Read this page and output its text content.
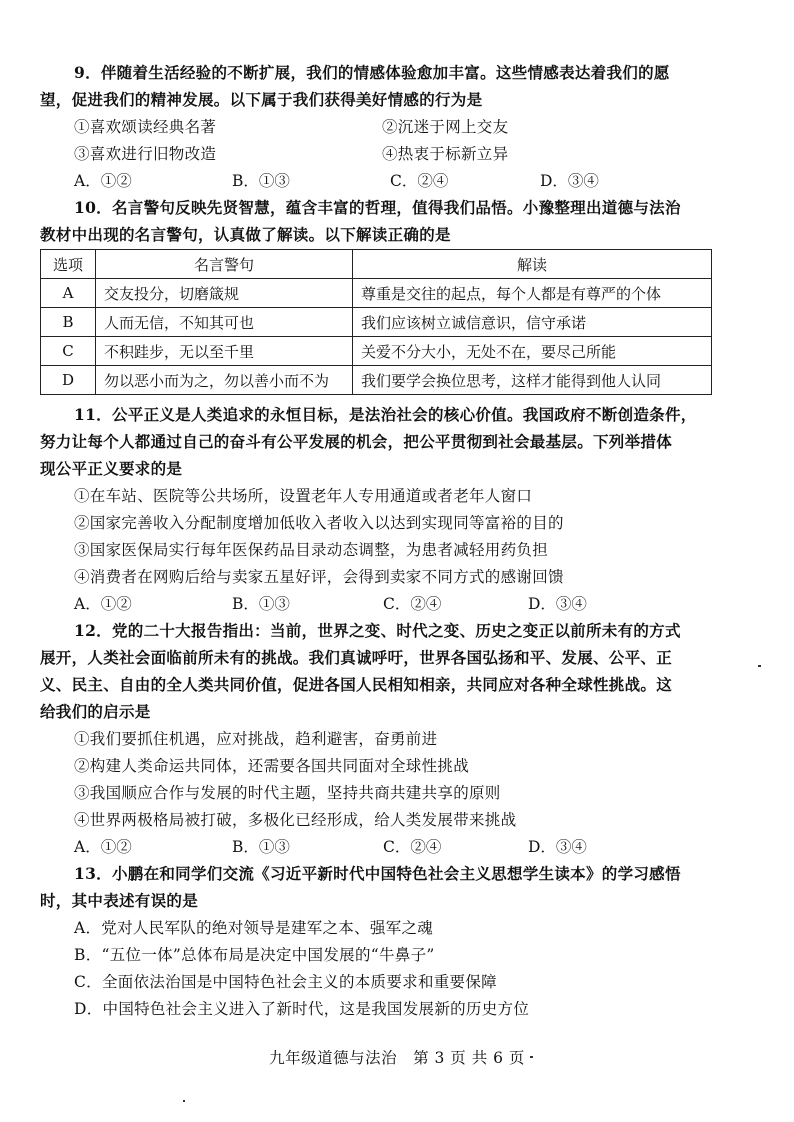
9．伴随着生活经验的不断扩展，我们的情感体验愈加丰富。这些情感表达着我们的愿
望，促进我们的精神发展。以下属于我们获得美好情感的行为是
①喜欢颂读经典名著	②沉迷于网上交友
③喜欢进行旧物改造	④热衷于标新立异
A．①②	B．①③	C．②④	D．③④
10．名言警句反映先贤智慧，蕴含丰富的哲理，值得我们品悟。小豫整理出道德与法治
教材中出现的名言警句，认真做了解读。以下解读正确的是
选项	名言警句	解读
A	交友投分，切磨箴规	尊重是交往的起点，每个人都是有尊严的个体
B	人而无信，不知其可也	我们应该树立诚信意识，信守承诺
C	不积跬步，无以至千里	关爱不分大小，无处不在，要尽己所能
D	勿以恶小而为之，勿以善小而不为	我们要学会换位思考，这样才能得到他人认同
11．公平正义是人类追求的永恒目标，是法治社会的核心价值。我国政府不断创造条件，
努力让每个人都通过自己的奋斗有公平发展的机会，把公平贯彻到社会最基层。下列举措体
现公平正义要求的是
①在车站、医院等公共场所，设置老年人专用通道或者老年人窗口
②国家完善收入分配制度增加低收入者收入以达到实现同等富裕的目的
③国家医保局实行每年医保药品目录动态调整，为患者减轻用药负担
④消费者在网购后给与卖家五星好评，会得到卖家不同方式的感谢回馈
A．①②	B．①③	C．②④	D．③④
12．党的二十大报告指出：当前，世界之变、时代之变、历史之变正以前所未有的方式
展开，人类社会面临前所未有的挑战。我们真诚呼吁，世界各国弘扬和平、发展、公平、正
义、民主、自由的全人类共同价值，促进各国人民相知相亲，共同应对各种全球性挑战。这
给我们的启示是
①我们要抓住机遇，应对挑战，趋利避害，奋勇前进
②构建人类命运共同体，还需要各国共同面对全球性挑战
③我国顺应合作与发展的时代主题，坚持共商共建共享的原则
④世界两极格局被打破，多极化已经形成，给人类发展带来挑战
A．①②	B．①③	C．②④	D．③④
13．小鹏在和同学们交流《习近平新时代中国特色社会主义思想学生读本》的学习感悟
时，其中表述有误的是
A．党对人民军队的绝对领导是建军之本、强军之魂
B．“五位一体”总体布局是决定中国发展的“牛鼻子”
C．全面依法治国是中国特色社会主义的本质要求和重要保障
D．中国特色社会主义进入了新时代，这是我国发展新的历史方位
九年级道德与法治　第 3 页 共 6 页
